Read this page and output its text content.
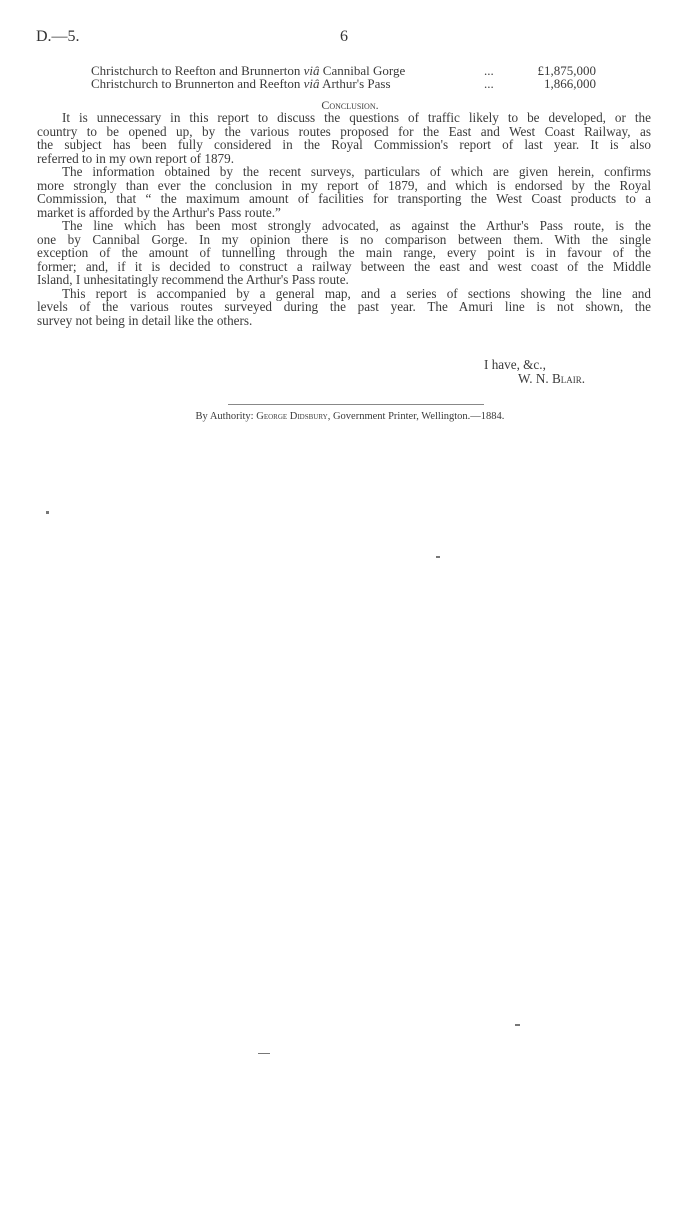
D.—5.	6
Christchurch to Reefton and Brunnerton viâ Cannibal Gorge	...	£1,875,000
Christchurch to Brunnerton and Reefton viâ Arthur's Pass	...	1,866,000
Conclusion.
It is unnecessary in this report to discuss the questions of traffic likely to be developed, or the
country to be opened up, by the various routes proposed for the East and West Coast Railway, as
the subject has been fully considered in the Royal Commission's report of last year. It is also
referred to in my own report of 1879.
The information obtained by the recent surveys, particulars of which are given herein, confirms
more strongly than ever the conclusion in my report of 1879, and which is endorsed by the Royal
Commission, that “ the maximum amount of facilities for transporting the West Coast products to a
market is afforded by the Arthur's Pass route.”
The line which has been most strongly advocated, as against the Arthur's Pass route, is the
one by Cannibal Gorge. In my opinion there is no comparison between them. With the single
exception of the amount of tunnelling through the main range, every point is in favour of the
former; and, if it is decided to construct a railway between the east and west coast of the Middle
Island, I unhesitatingly recommend the Arthur's Pass route.
This report is accompanied by a general map, and a series of sections showing the line and
levels of the various routes surveyed during the past year. The Amuri line is not shown, the
survey not being in detail like the others.
I have, &c.,
W. N. Blair.
By Authority: George Didsbury, Government Printer, Wellington.—1884.
